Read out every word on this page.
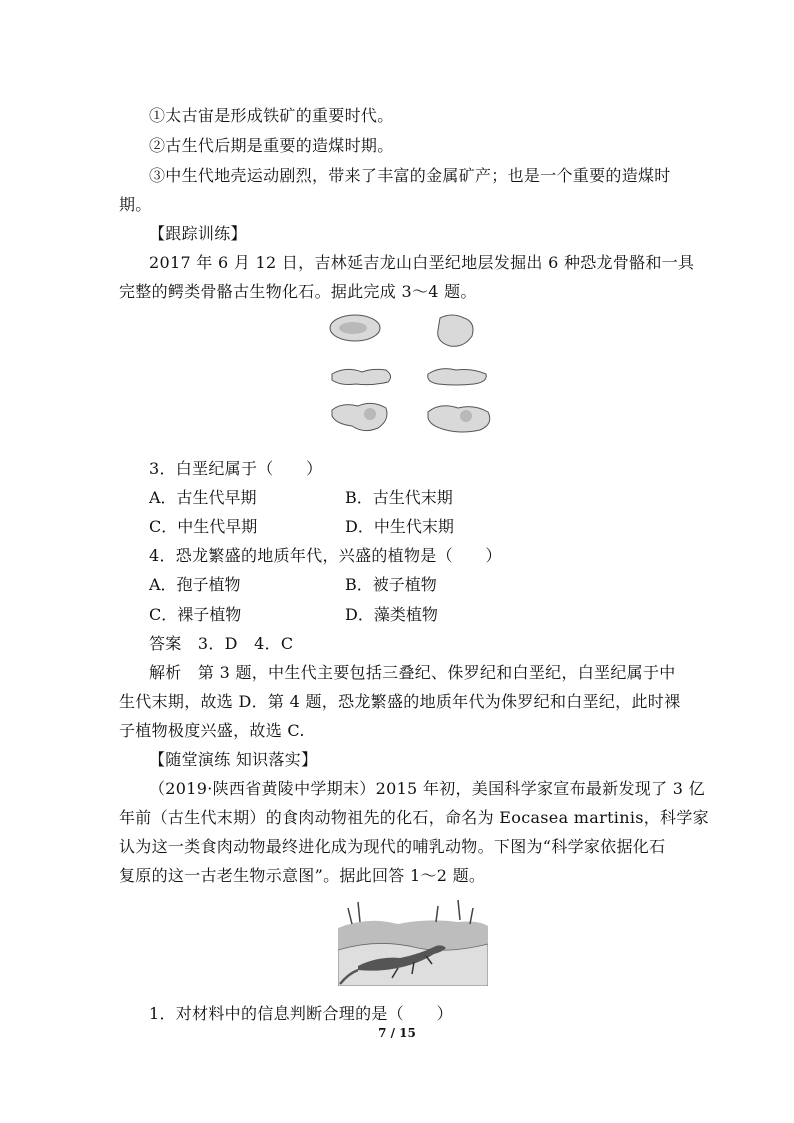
①太古宙是形成铁矿的重要时代。
②古生代后期是重要的造煤时期。
③中生代地壳运动剧烈，带来了丰富的金属矿产；也是一个重要的造煤时
期。
【跟踪训练】
2017 年 6 月 12 日，吉林延吉龙山白垩纪地层发掘出 6 种恐龙骨骼和一具
完整的鳄类骨骼古生物化石。据此完成 3～4 题。
3．白垩纪属于（　　）
A．古生代早期	B．古生代末期
C．中生代早期	D．中生代末期
4．恐龙繁盛的地质年代，兴盛的植物是（　　）
A．孢子植物	B．被子植物
C．裸子植物	D．藻类植物
答案　3．D　4．C
解析　第 3 题，中生代主要包括三叠纪、侏罗纪和白垩纪，白垩纪属于中
生代末期，故选 D．第 4 题，恐龙繁盛的地质年代为侏罗纪和白垩纪，此时裸
子植物极度兴盛，故选 C.
【随堂演练 知识落实】
（2019·陕西省黄陵中学期末）2015 年初，美国科学家宣布最新发现了 3 亿
年前（古生代末期）的食肉动物祖先的化石，命名为 Eocasea martinis，科学家
认为这一类食肉动物最终进化成为现代的哺乳动物。下图为“科学家依据化石
复原的这一古老生物示意图”。据此回答 1～2 题。
1．对材料中的信息判断合理的是（　　）
7 / 15
